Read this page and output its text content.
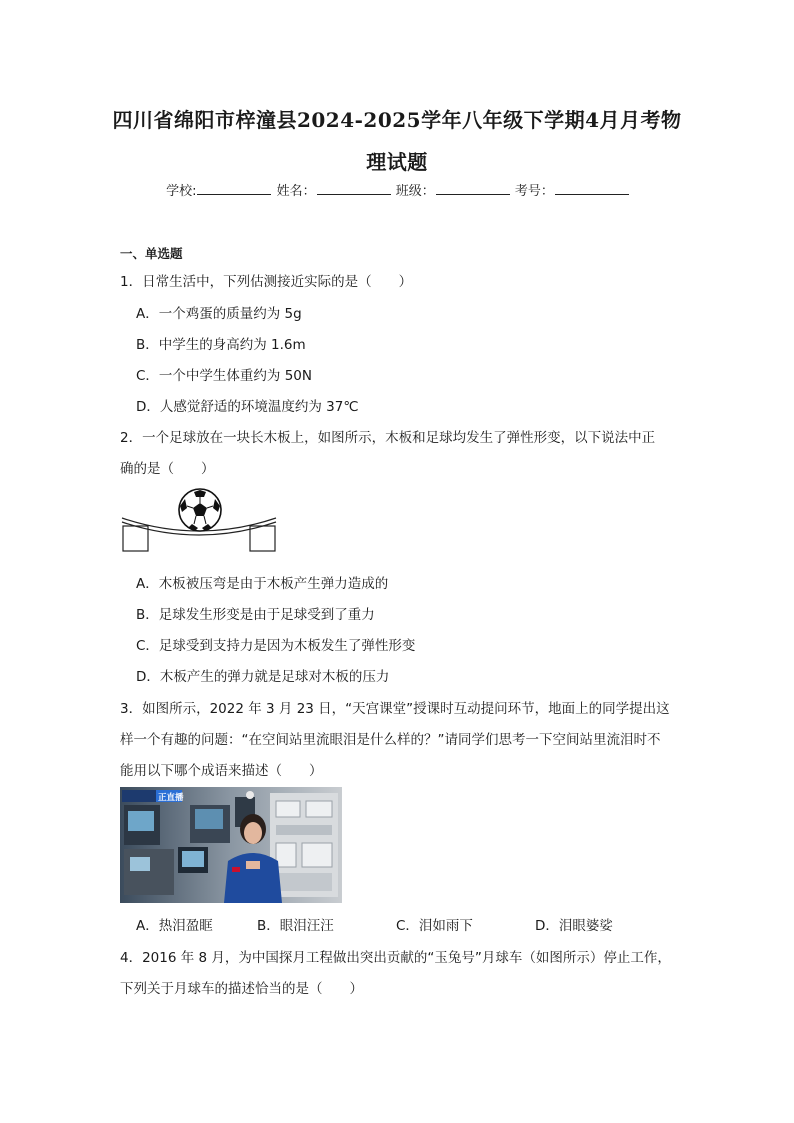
四川省绵阳市梓潼县2024-2025学年八年级下学期4月月考物
理试题
学校:	姓名：	班级：	考号：
一、单选题
1．日常生活中，下列估测接近实际的是（　　）
A．一个鸡蛋的质量约为 5g
B．中学生的身高约为 1.6m
C．一个中学生体重约为 50N
D．人感觉舒适的环境温度约为 37℃
2．一个足球放在一块长木板上，如图所示，木板和足球均发生了弹性形变，以下说法中正
确的是（　　）
A．木板被压弯是由于木板产生弹力造成的
B．足球发生形变是由于足球受到了重力
C．足球受到支持力是因为木板发生了弹性形变
D．木板产生的弹力就是足球对木板的压力
3．如图所示，2022 年 3 月 23 日，“天宫课堂”授课时互动提问环节，地面上的同学提出这
样一个有趣的问题：“在空间站里流眼泪是什么样的？”请同学们思考一下空间站里流泪时不
能用以下哪个成语来描述（　　）
正直播
A．热泪盈眶	B．眼泪汪汪	C．泪如雨下	D．泪眼婆娑
4．2016 年 8 月，为中国探月工程做出突出贡献的“玉兔号”月球车（如图所示）停止工作，
下列关于月球车的描述恰当的是（　　）
